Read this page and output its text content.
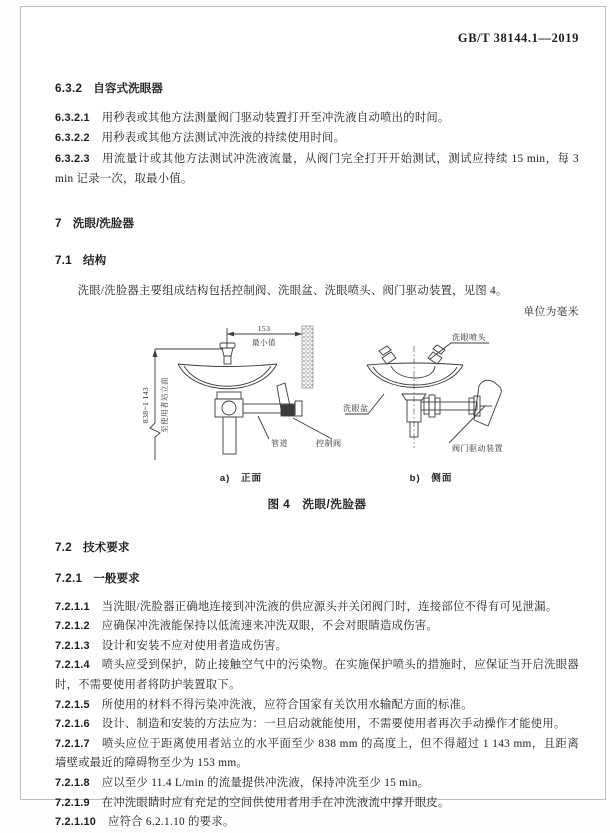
GB/T 38144.1—2019
6.3.2 自容式洗眼器

6.3.2.1 用秒表或其他方法测量阀门驱动装置打开至冲洗液自动喷出的时间。

6.3.2.2 用秒表或其他方法测试冲洗液的持续使用时间。

6.3.2.3 用流量计或其他方法测试冲洗液流量，从阀门完全打开开始测试，测试应持续 15 min，每 3 min 记录一次，取最小值。

7 洗眼/洗脸器
7.1 结构

洗眼/洗脸器主要组成结构包括控制阀、洗眼盆、洗眼喷头、阀门驱动装置，见图 4。

单位为毫米
153
最小值
838~1 143 至使用者站立面
管道	控制阀
洗眼喷头
洗眼盆
阀门驱动装置
a)　正面	b)　侧面
图 4　洗眼/洗脸器
7.2 技术要求
7.2.1 一般要求

7.2.1.1 当洗眼/洗脸器正确地连接到冲洗液的供应源头并关闭阀门时，连接部位不得有可见泄漏。

7.2.1.2 应确保冲洗液能保持以低流速来冲洗双眼，不会对眼睛造成伤害。

7.2.1.3 设计和安装不应对使用者造成伤害。

7.2.1.4 喷头应受到保护，防止接触空气中的污染物。在实施保护喷头的措施时，应保证当开启洗眼器时，不需要使用者将防护装置取下。

7.2.1.5 所使用的材料不得污染冲洗液，应符合国家有关饮用水输配方面的标准。

7.2.1.6 设计、制造和安装的方法应为：一旦启动就能使用，不需要使用者再次手动操作才能使用。

7.2.1.7 喷头应位于距离使用者站立的水平面至少 838 mm 的高度上，但不得超过 1 143 mm，且距离墙壁或最近的障碍物至少为 153 mm。

7.2.1.8 应以至少 11.4 L/min 的流量提供冲洗液，保持冲洗至少 15 min。

7.2.1.9 在冲洗眼睛时应有充足的空间供使用者用手在冲洗液流中撑开眼皮。

7.2.1.10 应符合 6.2.1.10 的要求。
